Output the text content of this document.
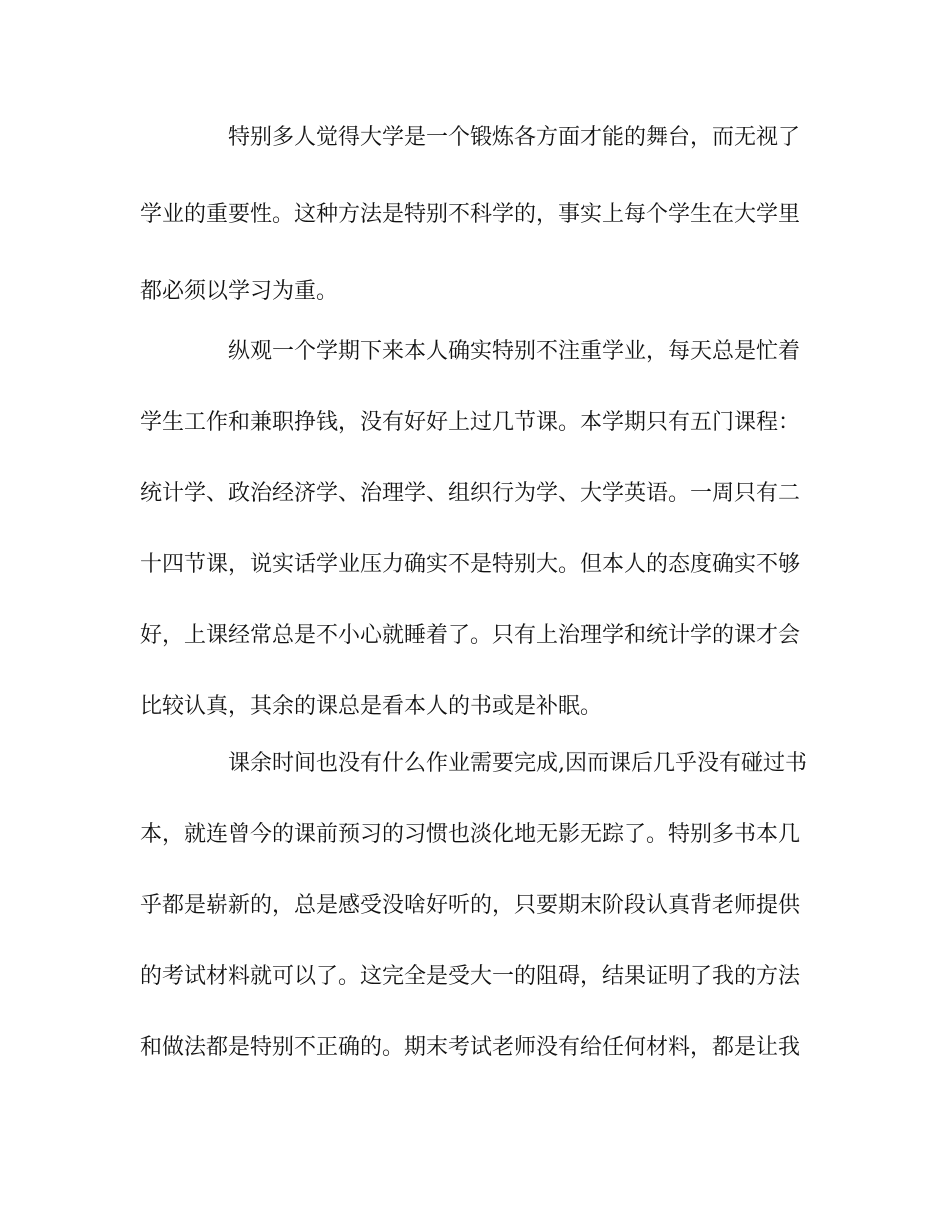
特别多人觉得大学是一个锻炼各方面才能的舞台，而无视了
学业的重要性。这种方法是特别不科学的，事实上每个学生在大学里
都必须以学习为重。
纵观一个学期下来本人确实特别不注重学业，每天总是忙着
学生工作和兼职挣钱，没有好好上过几节课。本学期只有五门课程：
统计学、政治经济学、治理学、组织行为学、大学英语。一周只有二
十四节课，说实话学业压力确实不是特别大。但本人的态度确实不够
好，上课经常总是不小心就睡着了。只有上治理学和统计学的课才会
比较认真，其余的课总是看本人的书或是补眠。
课余时间也没有什么作业需要完成,因而课后几乎没有碰过书
本，就连曾今的课前预习的习惯也淡化地无影无踪了。特别多书本几
乎都是崭新的，总是感受没啥好听的，只要期末阶段认真背老师提供
的考试材料就可以了。这完全是受大一的阻碍，结果证明了我的方法
和做法都是特别不正确的。期末考试老师没有给任何材料，都是让我
